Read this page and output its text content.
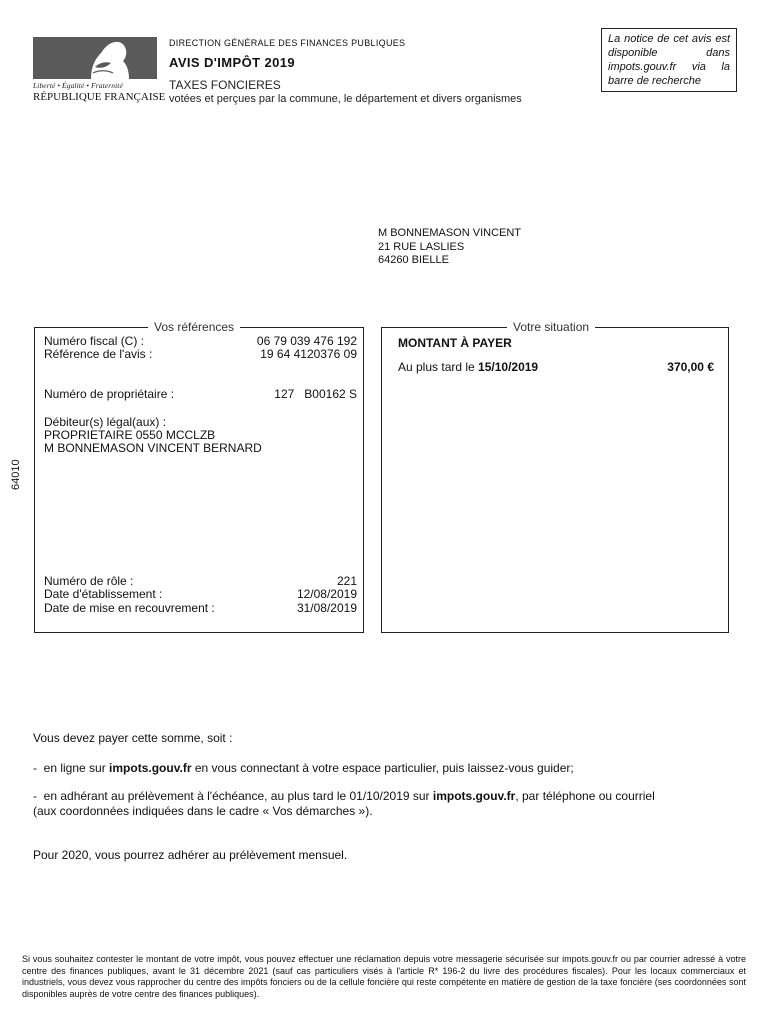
Liberté • Égalité • Fraternité
RÉPUBLIQUE FRANÇAISE
DIRECTION GÉNÉRALE DES FINANCES PUBLIQUES
AVIS D'IMPÔT 2019
TAXES FONCIERES
votées et perçues par la commune, le département et divers organismes
La notice de cet avis est disponible dans impots.gouv.fr via la barre de recherche
M BONNEMASON VINCENT
21 RUE LASLIES
64260 BIELLE
64010
Vos références
Numéro fiscal (C) :	06 79 039 476 192
Référence de l'avis :	19 64 4120376 09
Numéro de propriétaire :	127   B00162 S
Débiteur(s) légal(aux) :
PROPRIETAIRE 0550 MCCLZB
M BONNEMASON VINCENT BERNARD
Numéro de rôle :	221
Date d'établissement :	12/08/2019
Date de mise en recouvrement :	31/08/2019
Votre situation
MONTANT À PAYER
Au plus tard le 15/10/2019	370,00 €
Vous devez payer cette somme, soit :
-  en ligne sur impots.gouv.fr en vous connectant à votre espace particulier, puis laissez-vous guider;
-  en adhérant au prélèvement à l'échéance, au plus tard le 01/10/2019 sur impots.gouv.fr, par téléphone ou courriel
(aux coordonnées indiquées dans le cadre « Vos démarches »).
Pour 2020, vous pourrez adhérer au prélèvement mensuel.
Si vous souhaitez contester le montant de votre impôt, vous pouvez effectuer une réclamation depuis votre messagerie sécurisée sur impots.gouv.fr ou par courrier adressé à votre centre des finances publiques, avant le 31 décembre 2021 (sauf cas particuliers visés à l'article R* 196-2 du livre des procédures fiscales). Pour les locaux commerciaux et industriels, vous devez vous rapprocher du centre des impôts fonciers ou de la cellule foncière qui reste compétente en matière de gestion de la taxe foncière (ses coordonnées sont disponibles auprès de votre centre des finances publiques).
